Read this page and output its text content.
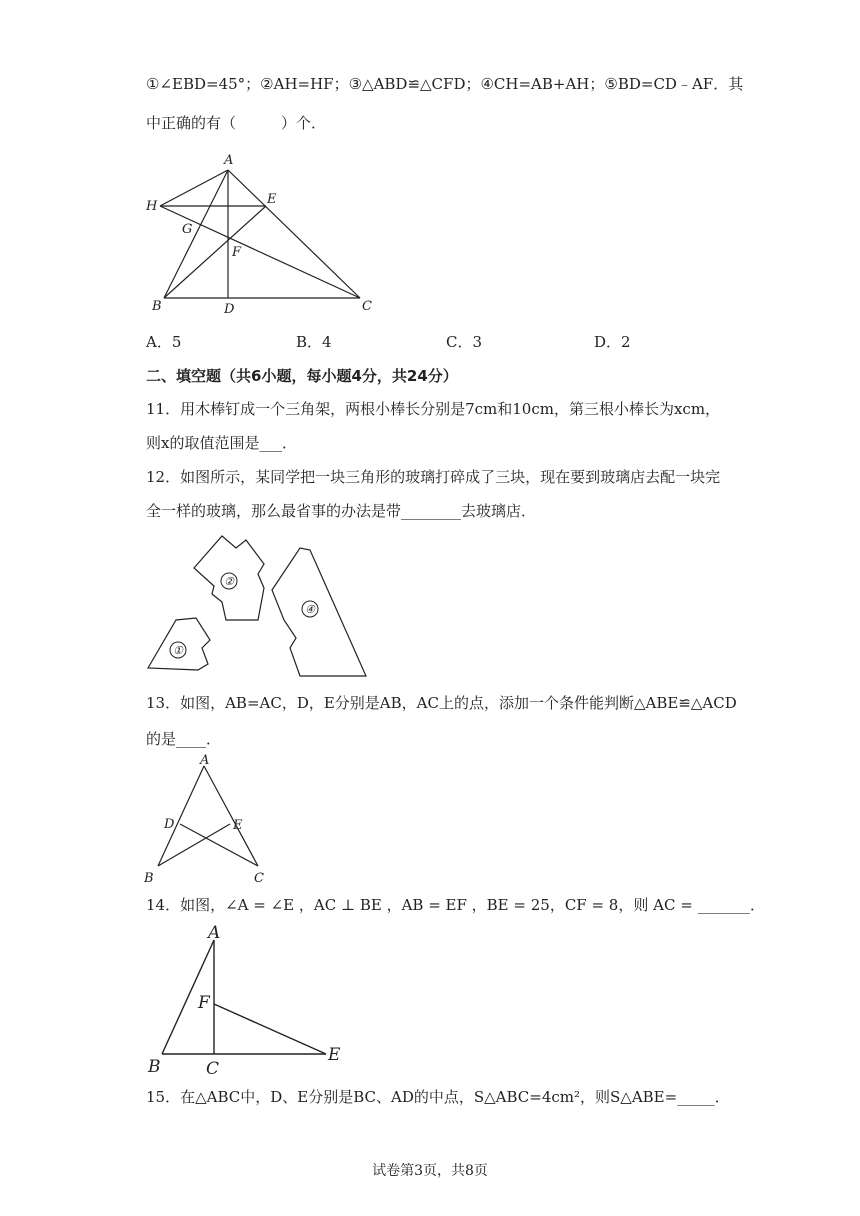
①∠EBD=45°；②AH=HF；③△ABD≌△CFD；④CH=AB+AH；⑤BD=CD﹣AF．其
中正确的有（　　　）个．
A
H	E
G
F
B	D	C
A．5	B．4	C．3	D．2
二、填空题（共6小题，每小题4分，共24分）
11．用木棒钉成一个三角架，两根小棒长分别是7cm和10cm，第三根小棒长为xcm，
则x的取值范围是___．
12．如图所示，某同学把一块三角形的玻璃打碎成了三块，现在要到玻璃店去配一块完
全一样的玻璃，那么最省事的办法是带________去玻璃店．
①
②
④
13．如图，AB=AC，D，E分别是AB，AC上的点，添加一个条件能判断△ABE≌△ACD
的是____．
A
D	E
B	C
14．如图，∠A = ∠E ，AC ⊥ BE ，AB = EF ，BE = 25，CF = 8，则 AC = _______．
A
F
B	C
E
15．在△ABC中，D、E分别是BC、AD的中点，S△ABC=4cm²，则S△ABE=_____．
试卷第3页，共8页
